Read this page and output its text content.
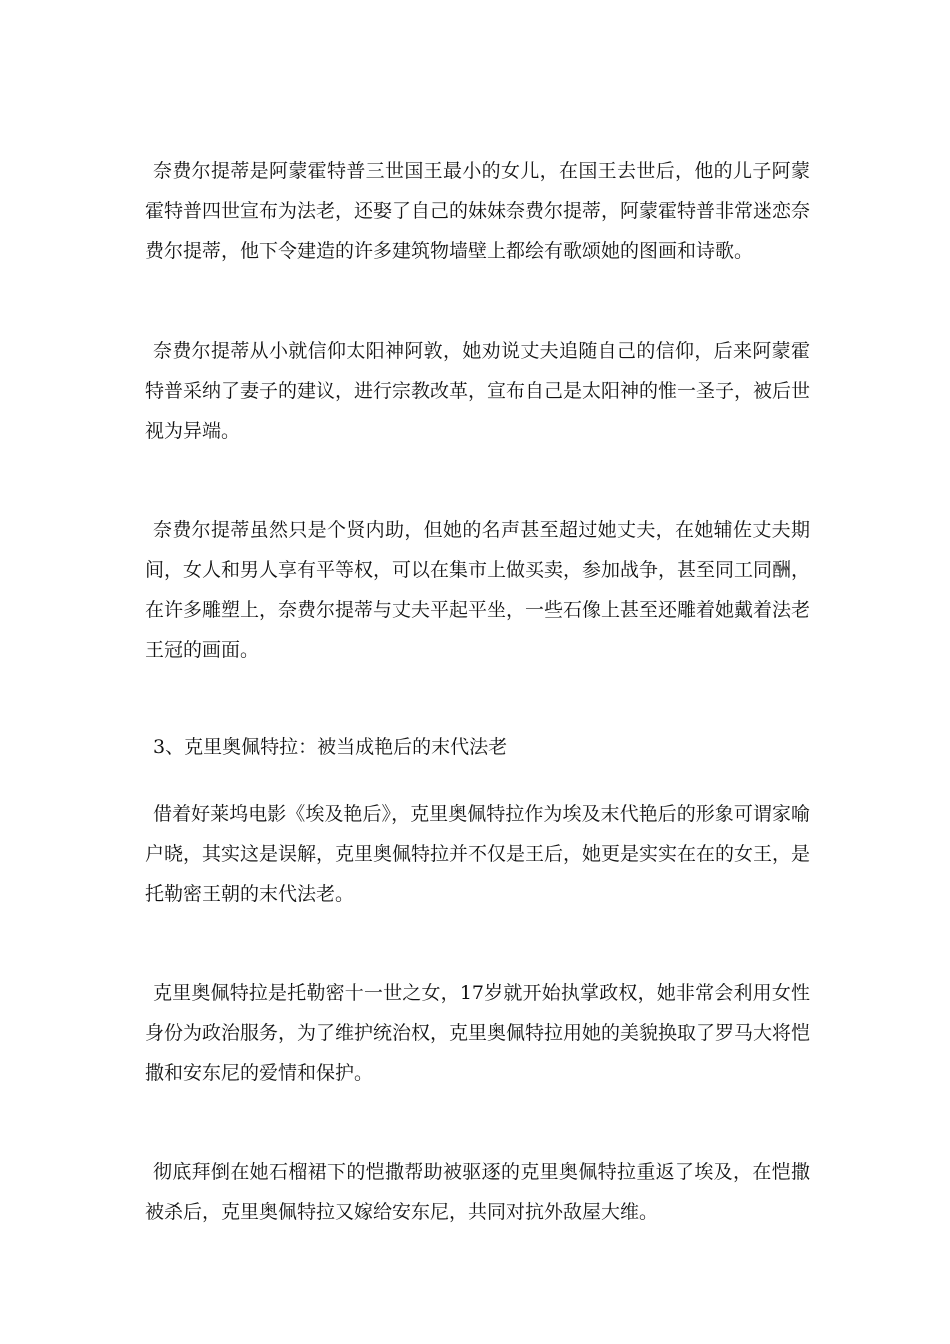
奈费尔提蒂是阿蒙霍特普三世国王最小的女儿，在国王去世后，他的儿子阿蒙霍特普四世宣布为法老，还娶了自己的妹妹奈费尔提蒂，阿蒙霍特普非常迷恋奈费尔提蒂，他下令建造的许多建筑物墙壁上都绘有歌颂她的图画和诗歌。

奈费尔提蒂从小就信仰太阳神阿敦，她劝说丈夫追随自己的信仰，后来阿蒙霍特普采纳了妻子的建议，进行宗教改革，宣布自己是太阳神的惟一圣子，被后世视为异端。

奈费尔提蒂虽然只是个贤内助，但她的名声甚至超过她丈夫，在她辅佐丈夫期间，女人和男人享有平等权，可以在集市上做买卖，参加战争，甚至同工同酬，在许多雕塑上，奈费尔提蒂与丈夫平起平坐，一些石像上甚至还雕着她戴着法老王冠的画面。

3、克里奥佩特拉：被当成艳后的末代法老

借着好莱坞电影《埃及艳后》，克里奥佩特拉作为埃及末代艳后的形象可谓家喻户晓，其实这是误解，克里奥佩特拉并不仅是王后，她更是实实在在的女王，是托勒密王朝的末代法老。

克里奥佩特拉是托勒密十一世之女，17岁就开始执掌政权，她非常会利用女性身份为政治服务，为了维护统治权，克里奥佩特拉用她的美貌换取了罗马大将恺撒和安东尼的爱情和保护。

彻底拜倒在她石榴裙下的恺撒帮助被驱逐的克里奥佩特拉重返了埃及，在恺撒被杀后，克里奥佩特拉又嫁给安东尼，共同对抗外敌屋大维。
